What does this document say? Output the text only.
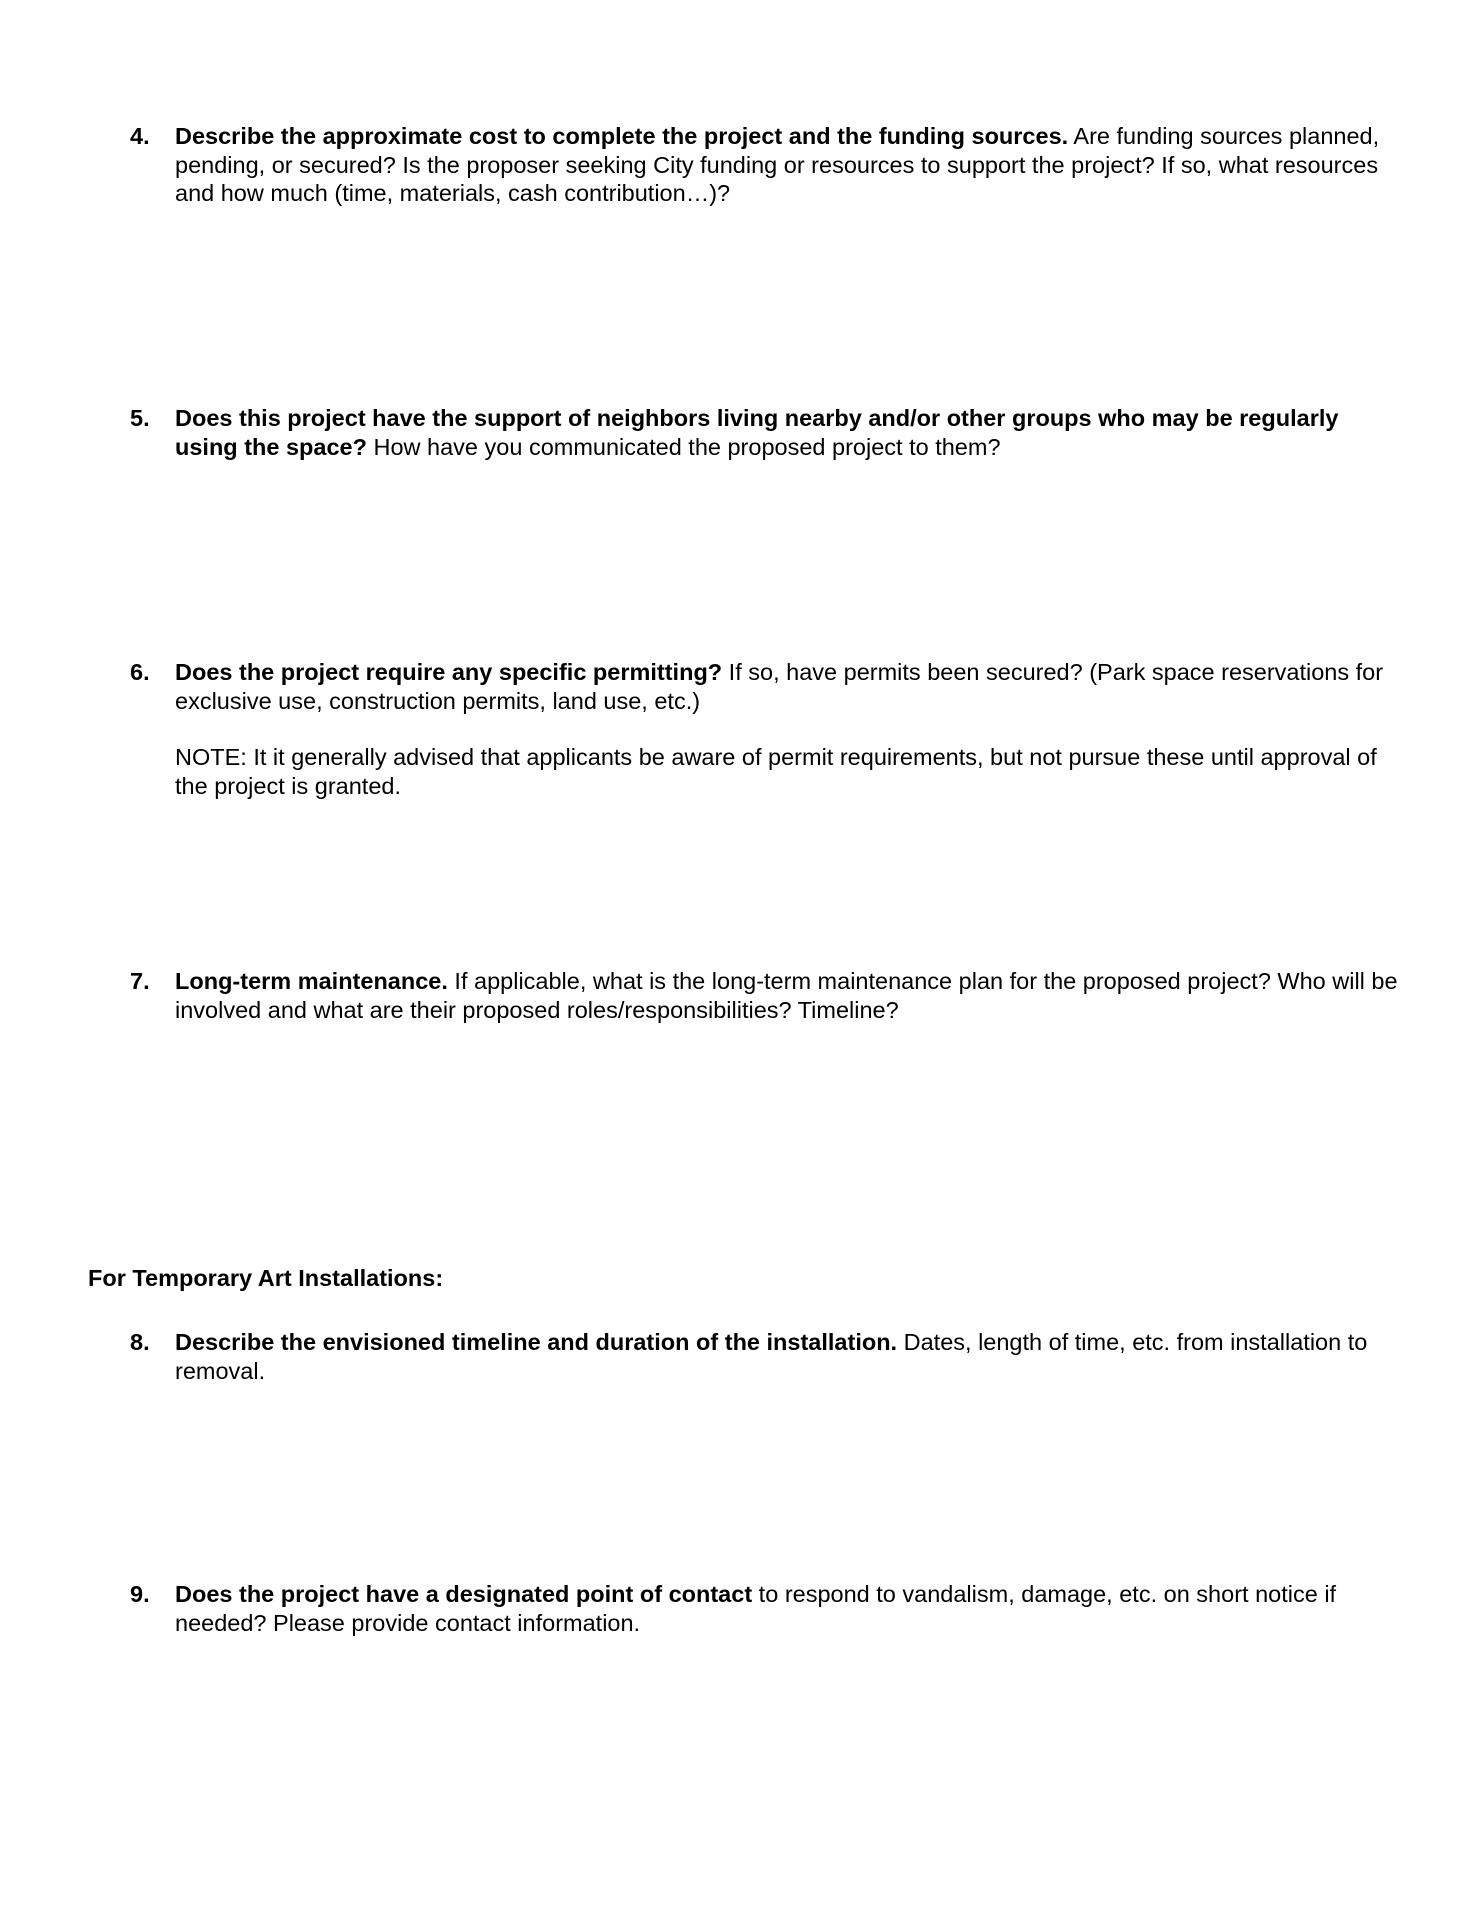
4. Describe the approximate cost to complete the project and the funding sources. Are funding sources planned, pending, or secured? Is the proposer seeking City funding or resources to support the project? If so, what resources and how much (time, materials, cash contribution…)?
5. Does this project have the support of neighbors living nearby and/or other groups who may be regularly using the space? How have you communicated the proposed project to them?
6. Does the project require any specific permitting? If so, have permits been secured? (Park space reservations for exclusive use, construction permits, land use, etc.)
NOTE: It it generally advised that applicants be aware of permit requirements, but not pursue these until approval of the project is granted.
7. Long-term maintenance. If applicable, what is the long-term maintenance plan for the proposed project? Who will be involved and what are their proposed roles/responsibilities? Timeline?
For Temporary Art Installations:
8. Describe the envisioned timeline and duration of the installation. Dates, length of time, etc. from installation to removal.
9. Does the project have a designated point of contact to respond to vandalism, damage, etc. on short notice if needed? Please provide contact information.
